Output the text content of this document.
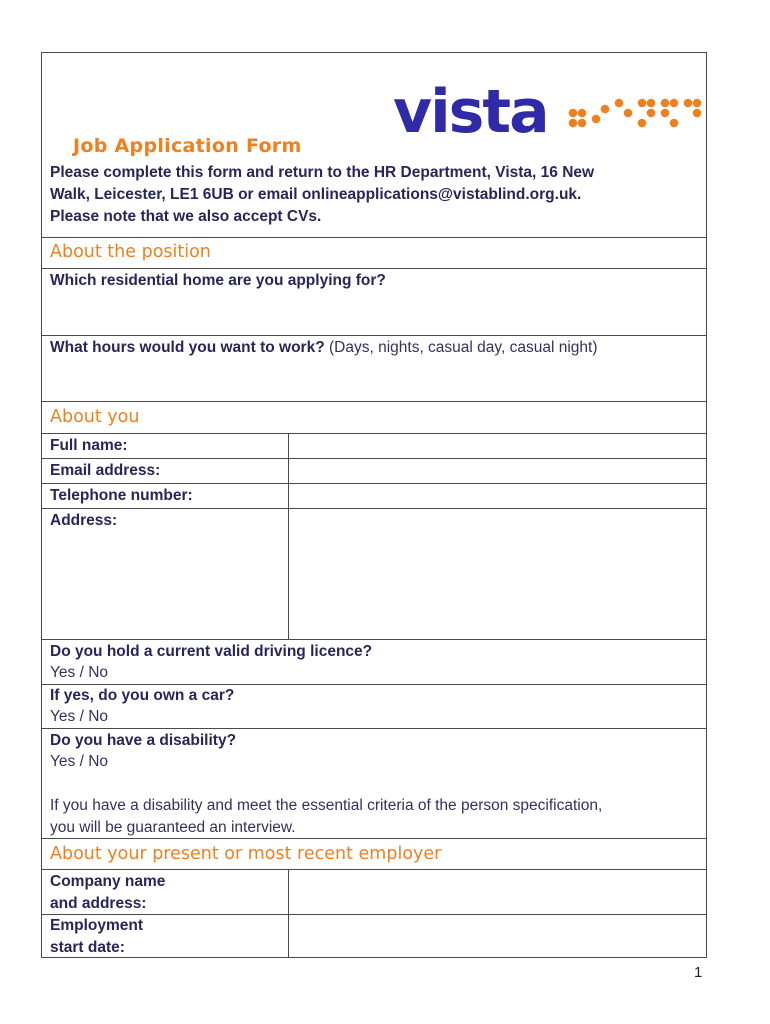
vista
Job Application Form
Please complete this form and return to the HR Department, Vista, 16 New
Walk, Leicester, LE1 6UB or email onlineapplications@vistablind.org.uk.
Please note that we also accept CVs.
About the position
Which residential home are you applying for?
What hours would you want to work? (Days, nights, casual day, casual night)
About you
Full name:
Email address:
Telephone number:
Address:
Do you hold a current valid driving licence?
Yes / No
If yes, do you own a car?
Yes / No
Do you have a disability?
Yes / No
If you have a disability and meet the essential criteria of the person specification,
you will be guaranteed an interview.
About your present or most recent employer
Company name
and address:
Employment
start date:
1
